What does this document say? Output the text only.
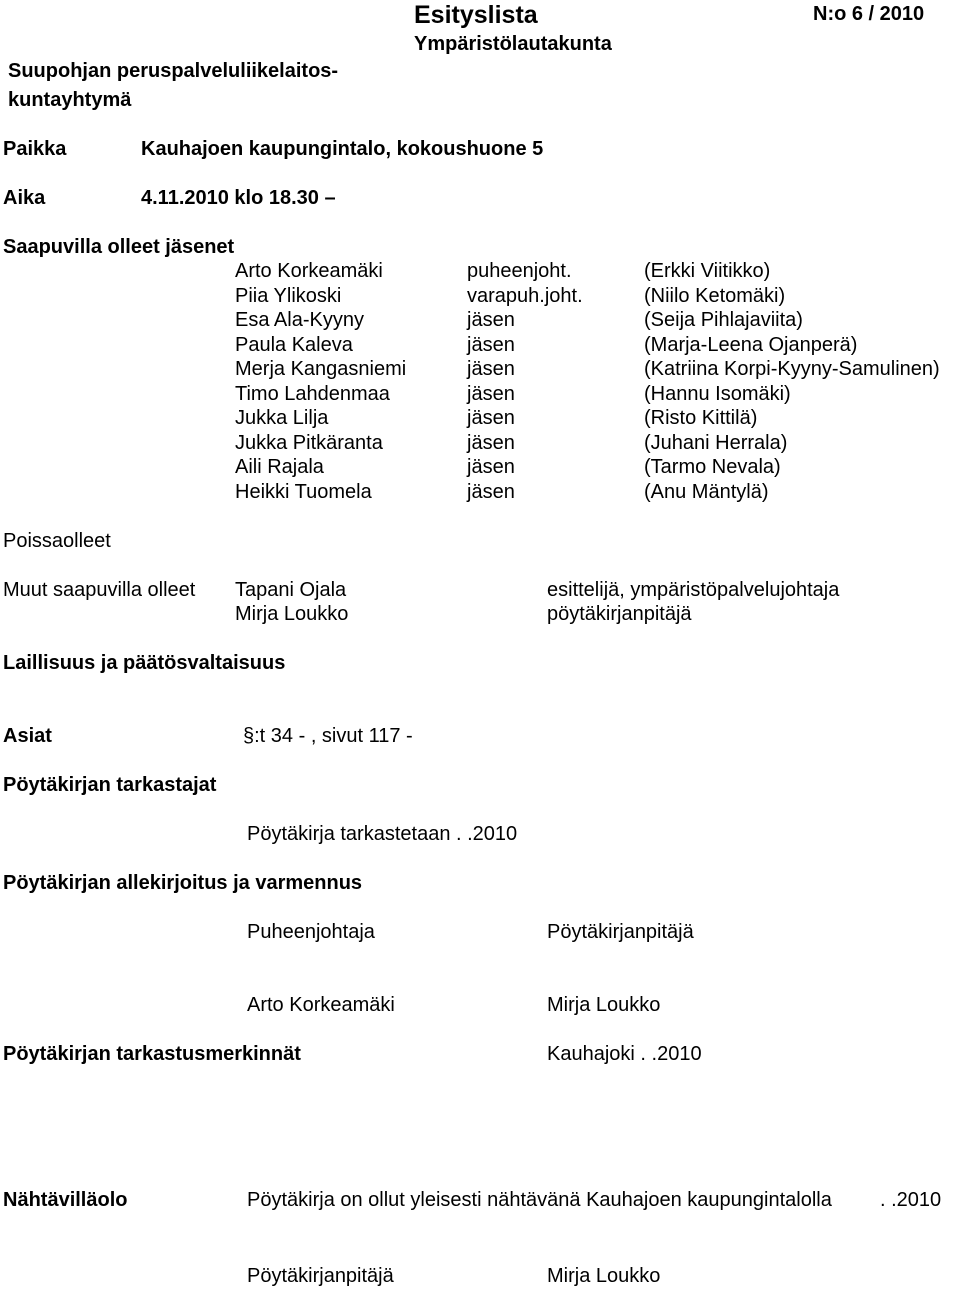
Esityslista
Ympäristölautakunta
N:o 6 / 2010
Suupohjan peruspalveluliikelaitos-
kuntayhtymä
Paikka	Kauhajoen kaupungintalo, kokoushuone 5
Aika	4.11.2010 klo 18.30 –
Saapuvilla olleet jäsenet
Arto Korkeamäki	puheenjoht.	(Erkki Viitikko)
Piia Ylikoski	varapuh.joht.	(Niilo Ketomäki)
Esa Ala-Kyyny	jäsen	(Seija Pihlajaviita)
Paula Kaleva	jäsen	(Marja-Leena Ojanperä)
Merja Kangasniemi	jäsen	(Katriina Korpi-Kyyny-Samulinen)
Timo Lahdenmaa	jäsen	(Hannu Isomäki)
Jukka Lilja	jäsen	(Risto Kittilä)
Jukka Pitkäranta	jäsen	(Juhani Herrala)
Aili Rajala	jäsen	(Tarmo Nevala)
Heikki Tuomela	jäsen	(Anu Mäntylä)
Poissaolleet
Muut saapuvilla olleet Tapani Ojala	esittelijä, ympäristöpalvelujohtaja
Mirja Loukko	pöytäkirjanpitäjä
Laillisuus ja päätösvaltaisuus
Asiat	§:t 34 - , sivut 117 -
Pöytäkirjan tarkastajat
Pöytäkirja tarkastetaan . .2010
Pöytäkirjan allekirjoitus ja varmennus
Puheenjohtaja	Pöytäkirjanpitäjä
Arto Korkeamäki	Mirja Loukko
Pöytäkirjan tarkastusmerkinnät	Kauhajoki . .2010
Nähtävilläolo	Pöytäkirja on ollut yleisesti nähtävänä Kauhajoen kaupungintalolla . .2010
Pöytäkirjanpitäjä	Mirja Loukko
